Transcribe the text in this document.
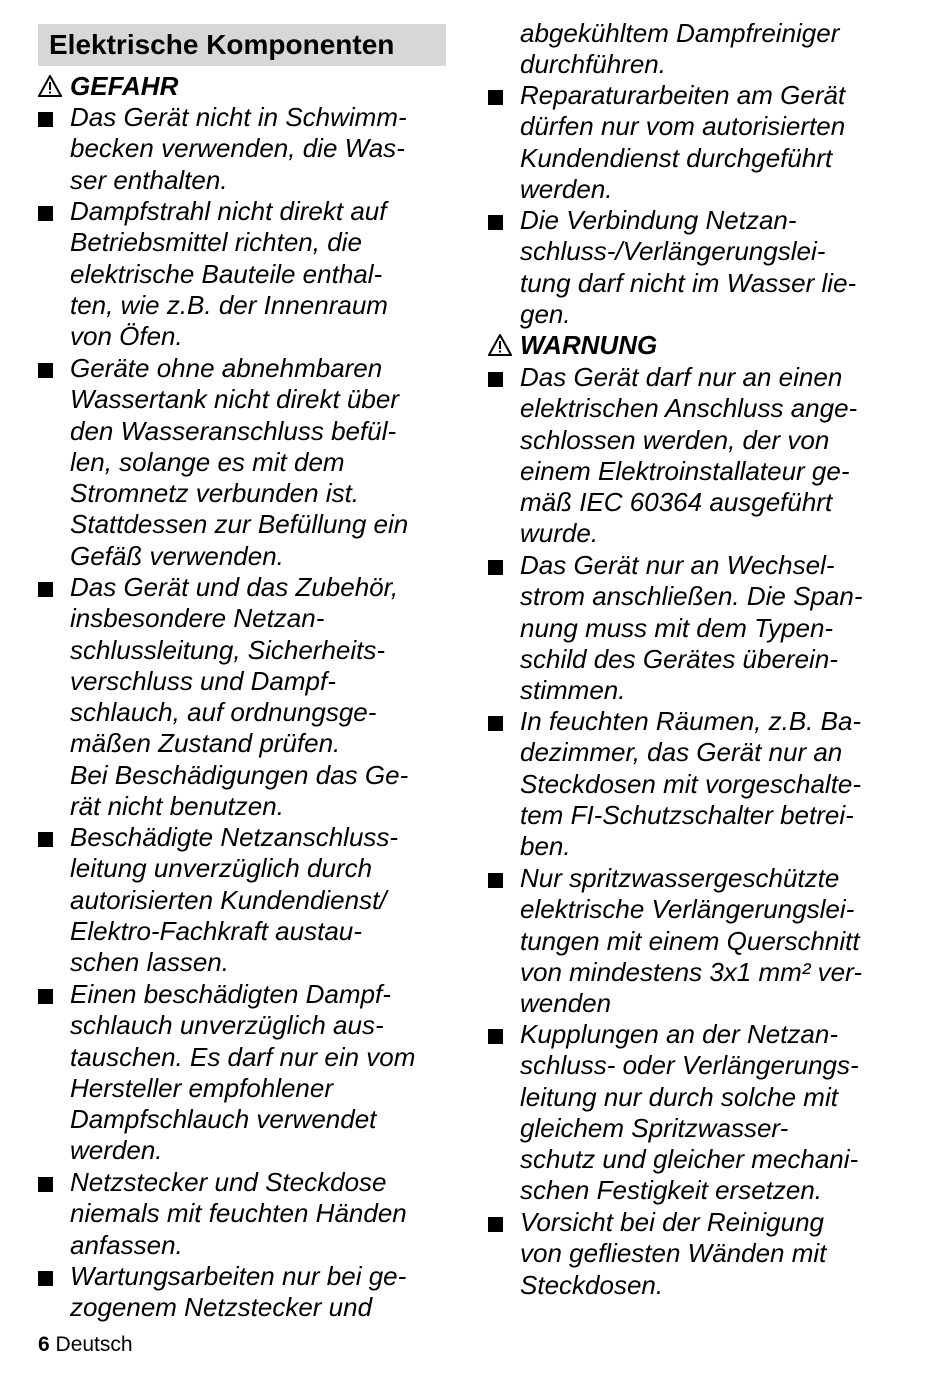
Elektrische Komponenten
GEFAHR
Das Gerät nicht in Schwimm-
becken verwenden, die Was-
ser enthalten.
Dampfstrahl nicht direkt auf
Betriebsmittel richten, die
elektrische Bauteile enthal-
ten, wie z.B. der Innenraum
von Öfen.
Geräte ohne abnehmbaren
Wassertank nicht direkt über
den Wasseranschluss befül-
len, solange es mit dem
Stromnetz verbunden ist.
Stattdessen zur Befüllung ein
Gefäß verwenden.
Das Gerät und das Zubehör,
insbesondere Netzan-
schlussleitung, Sicherheits-
verschluss und Dampf-
schlauch, auf ordnungsge-
mäßen Zustand prüfen.
Bei Beschädigungen das Ge-
rät nicht benutzen.
Beschädigte Netzanschluss-
leitung unverzüglich durch
autorisierten Kundendienst/
Elektro-Fachkraft austau-
schen lassen.
Einen beschädigten Dampf-
schlauch unverzüglich aus-
tauschen. Es darf nur ein vom
Hersteller empfohlener
Dampfschlauch verwendet
werden.
Netzstecker und Steckdose
niemals mit feuchten Händen
anfassen.
Wartungsarbeiten nur bei ge-
zogenem Netzstecker und
abgekühltem Dampfreiniger
durchführen.
Reparaturarbeiten am Gerät
dürfen nur vom autorisierten
Kundendienst durchgeführt
werden.
Die Verbindung Netzan-
schluss-/Verlängerungslei-
tung darf nicht im Wasser lie-
gen.
WARNUNG
Das Gerät darf nur an einen
elektrischen Anschluss ange-
schlossen werden, der von
einem Elektroinstallateur ge-
mäß IEC 60364 ausgeführt
wurde.
Das Gerät nur an Wechsel-
strom anschließen. Die Span-
nung muss mit dem Typen-
schild des Gerätes überein-
stimmen.
In feuchten Räumen, z.B. Ba-
dezimmer, das Gerät nur an
Steckdosen mit vorgeschalte-
tem FI-Schutzschalter betrei-
ben.
Nur spritzwassergeschützte
elektrische Verlängerungslei-
tungen mit einem Querschnitt
von mindestens 3x1 mm² ver-
wenden
Kupplungen an der Netzan-
schluss- oder Verlängerungs-
leitung nur durch solche mit
gleichem Spritzwasser-
schutz und gleicher mechani-
schen Festigkeit ersetzen.
Vorsicht bei der Reinigung
von gefliesten Wänden mit
Steckdosen.
6 Deutsch
